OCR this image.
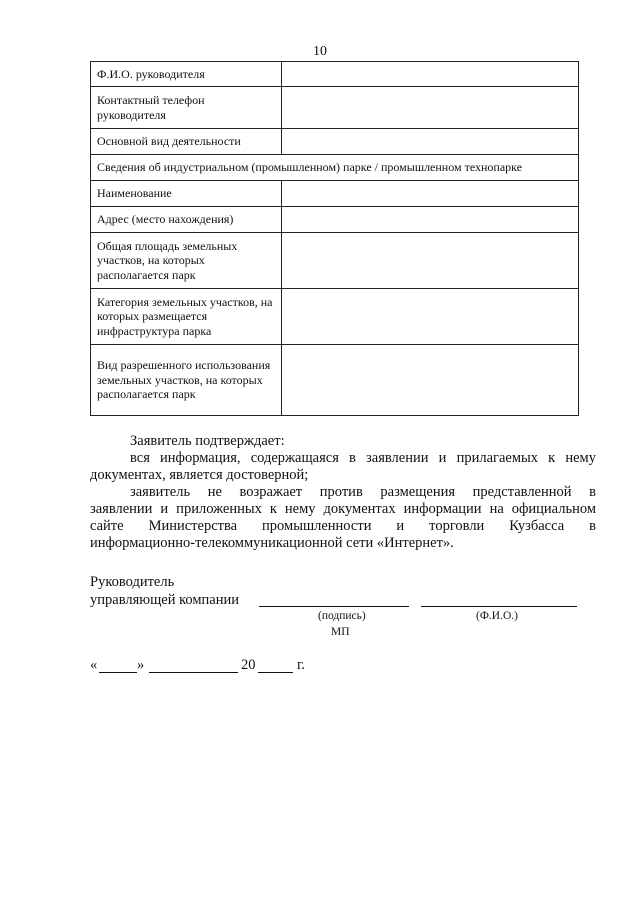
10
Ф.И.О. руководителя	
Контактный телефон руководителя	
Основной вид деятельности	
Сведения об индустриальном (промышленном) парке / промышленном технопарке	
Наименование	
Адрес (место нахождения)	
Общая площадь земельных участков, на которых располагается парк	
Категория земельных участков, на которых размещается инфраструктура парка	
Вид разрешенного использования земельных участков, на которых располагается парк	

Заявитель подтверждает:

вся информация, содержащаяся в заявлении и прилагаемых к нему

документах, является достоверной;

заявитель не возражает против размещения представленной в

заявлении и приложенных к нему документах информации на официальном

сайте Министерства промышленности и торговли Кузбасса в

информационно-телекоммуникационной сети «Интернет».

Руководитель
управляющей компании
(подпись)	(Ф.И.О.)
МП
«	»	20	г.
